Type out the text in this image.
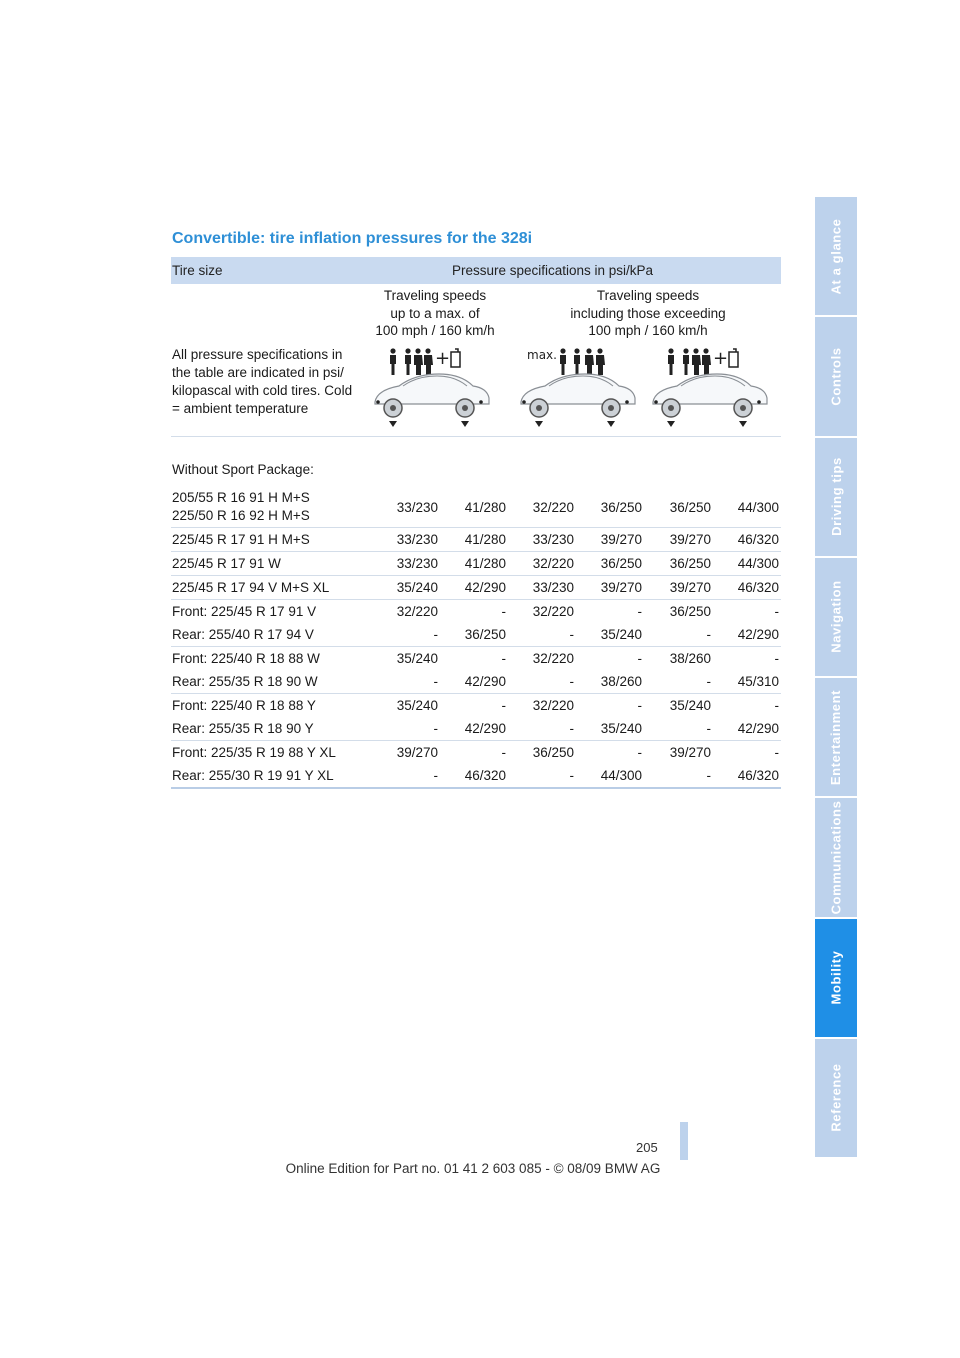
Convertible: tire inflation pressures for the 328i
Tire size	Pressure specifications in psi/kPa
Traveling speeds
up to a max. of
100 mph / 160 km/h
Traveling speeds
including those exceeding
100 mph / 160 km/h
All pressure specifications in the table are indicated in psi/ kilopascal with cold tires. Cold = ambient temperature
+	max.	+
Without Sport Package:
205/55 R 16 91 H M+S
225/50 R 16 92 H M+S
33/230	41/280	32/220	36/250	36/250	44/300
225/45 R 17 91 H M+S	33/230	41/280	33/230	39/270	39/270	46/320
225/45 R 17 91 W	33/230	41/280	32/220	36/250	36/250	44/300
225/45 R 17 94 V M+S XL	35/240	42/290	33/230	39/270	39/270	46/320
Front: 225/45 R 17 91 V	32/220	-	32/220	-	36/250	-
Rear: 255/40 R 17 94 V	-	36/250	-	35/240	-	42/290
Front: 225/40 R 18 88 W	35/240	-	32/220	-	38/260	-
Rear: 255/35 R 18 90 W	-	42/290	-	38/260	-	45/310
Front: 225/40 R 18 88 Y	35/240	-	32/220	-	35/240	-
Rear: 255/35 R 18 90 Y	-	42/290	-	35/240	-	42/290
Front: 225/35 R 19 88 Y XL	39/270	-	36/250	-	39/270	-
Rear: 255/30 R 19 91 Y XL	-	46/320	-	44/300	-	46/320
At a glance
Controls
Driving tips
Navigation
Entertainment
Communications
Mobility
Reference
205
Online Edition for Part no. 01 41 2 603 085 - © 08/09 BMW AG
